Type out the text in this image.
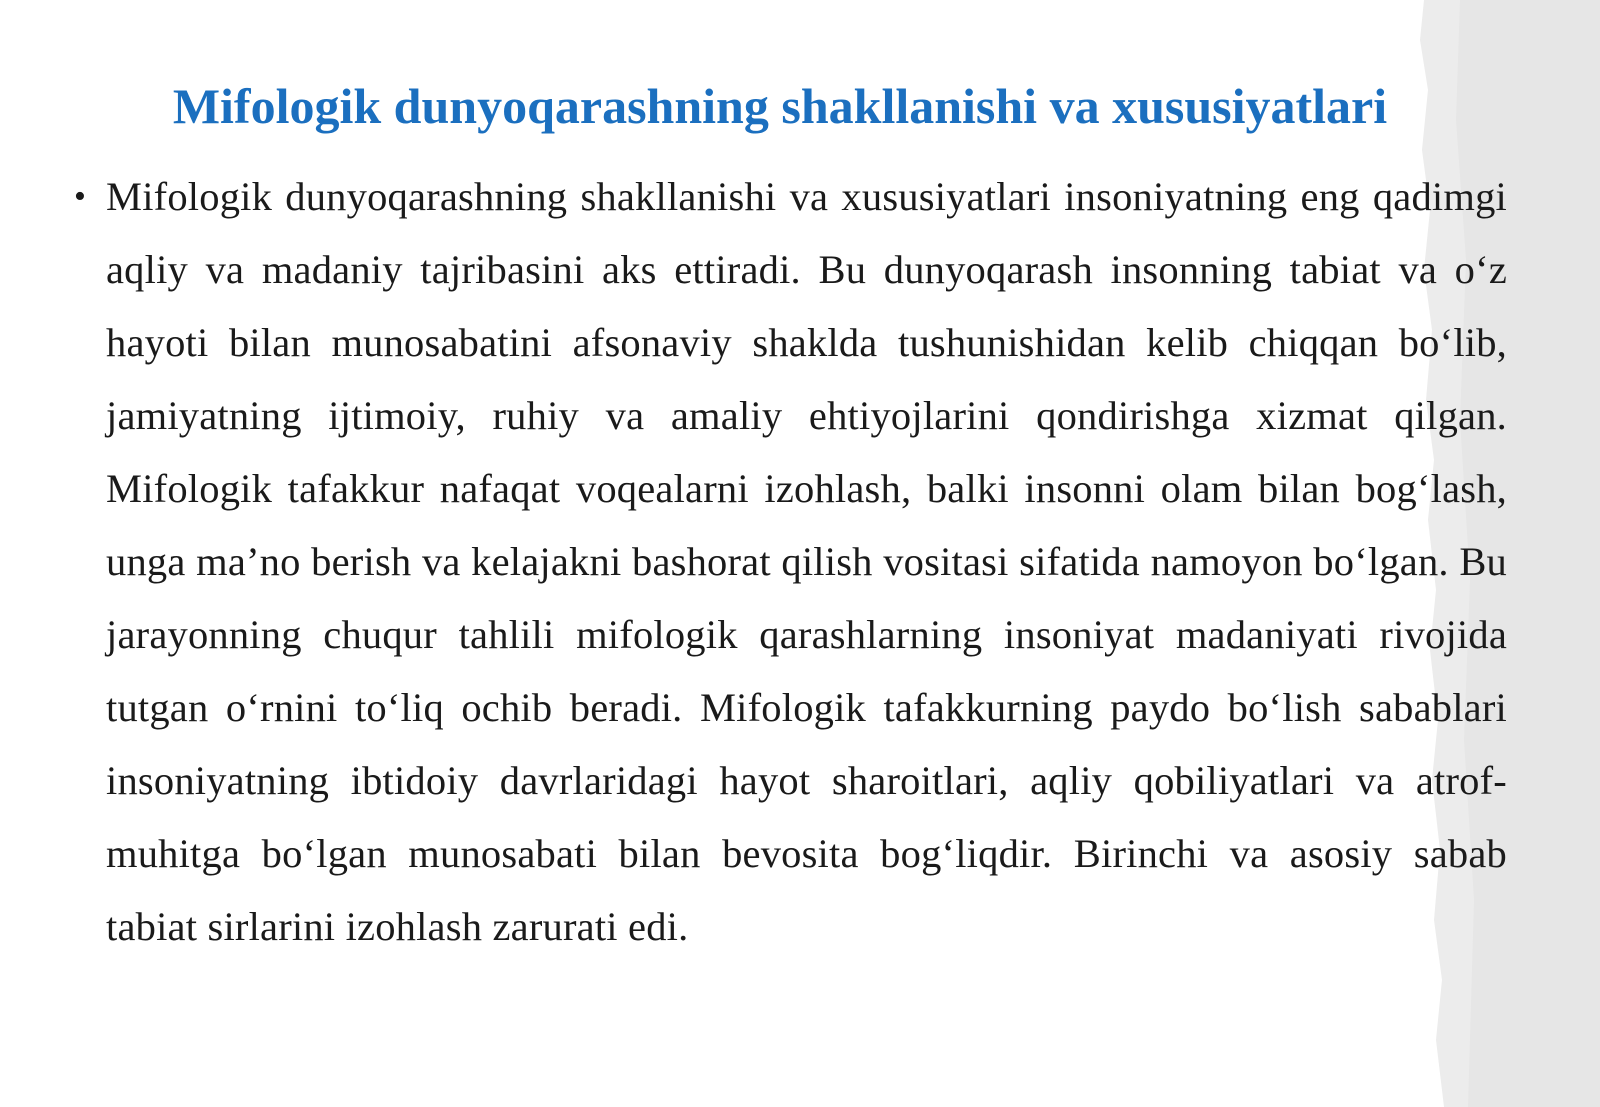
Mifologik dunyoqarashning shakllanishi va xususiyatlari
• Mifologik dunyoqarashning shakllanishi va xususiyatlari insoniyatning eng qadimgi aqliy va madaniy tajribasini aks ettiradi. Bu dunyoqarash insonning tabiat va o‘z hayoti bilan munosabatini afsonaviy shaklda tushunishidan kelib chiqqan bo‘lib, jamiyatning ijtimoiy, ruhiy va amaliy ehtiyojlarini qondirishga xizmat qilgan. Mifologik tafakkur nafaqat voqealarni izohlash, balki insonni olam bilan bog‘lash, unga ma’no berish va kelajakni bashorat qilish vositasi sifatida namoyon bo‘lgan. Bu jarayonning chuqur tahlili mifologik qarashlarning insoniyat madaniyati rivojida tutgan o‘rnini to‘liq ochib beradi. Mifologik tafakkurning paydo bo‘lish sabablari insoniyatning ibtidoiy davrlaridagi hayot sharoitlari, aqliy qobiliyatlari va atrof-muhitga bo‘lgan munosabati bilan bevosita bog‘liqdir. Birinchi va asosiy sabab tabiat sirlarini izohlash zarurati edi.
